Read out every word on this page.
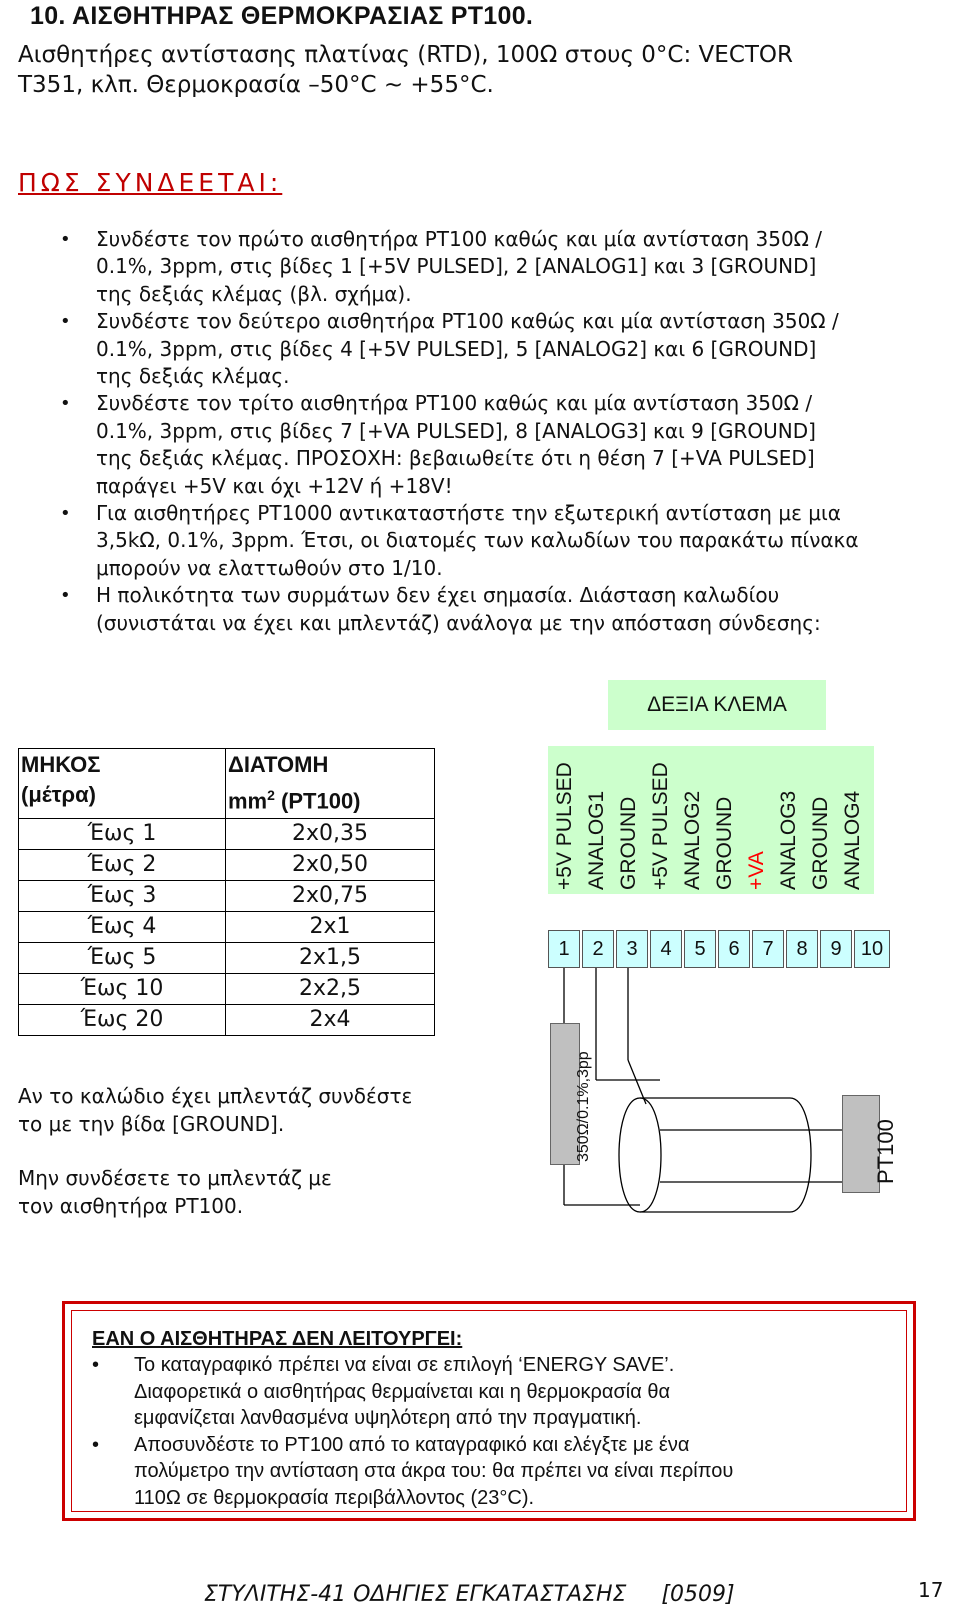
10. ΑΙΣΘΗΤΗΡΑΣ ΘΕΡΜΟΚΡΑΣΙΑΣ PT100.
Αισθητήρες αντίστασης πλατίνας (RTD), 100Ω στους 0°C: VECTOR
T351, κλπ. Θερμοκρασία –50°C ~ +55°C.
ΠΩΣ ΣΥΝΔΕΕΤΑΙ:
• Συνδέστε τον πρώτο αισθητήρα PT100 καθώς και μία αντίσταση 350Ω /
0.1%, 3ppm, στις βίδες 1 [+5V PULSED], 2 [ANALOG1] και 3 [GROUND]
της δεξιάς κλέμας (βλ. σχήμα).
• Συνδέστε τον δεύτερο αισθητήρα PT100 καθώς και μία αντίσταση 350Ω /
0.1%, 3ppm, στις βίδες 4 [+5V PULSED], 5 [ANALOG2] και 6 [GROUND]
της δεξιάς κλέμας.
• Συνδέστε τον τρίτο αισθητήρα PT100 καθώς και μία αντίσταση 350Ω /
0.1%, 3ppm, στις βίδες 7 [+VA PULSED], 8 [ANALOG3] και 9 [GROUND]
της δεξιάς κλέμας. ΠΡΟΣΟΧΗ: βεβαιωθείτε ότι η θέση 7 [+VA PULSED]
παράγει +5V και όχι +12V ή +18V!
• Για αισθητήρες PT1000 αντικαταστήστε την εξωτερική αντίσταση με μια
3,5kΩ, 0.1%, 3ppm. Έτσι, οι διατομές των καλωδίων του παρακάτω πίνακα
μπορούν να ελαττωθούν στο 1/10.
• Η πολικότητα των συρμάτων δεν έχει σημασία. Διάσταση καλωδίου
(συνιστάται να έχει και μπλεντάζ) ανάλογα με την απόσταση σύνδεσης:
ΔΕΞΙΑ ΚΛΕΜΑ
ΜΗΚΟΣ
(μέτρα)	ΔΙΑΤΟΜΗ
$mm^2$ (PT100)
Έως 1	2x0,35
Έως 2	2x0,50
Έως 3	2x0,75
Έως 4	2x1
Έως 5	2x1,5
Έως 10	2x2,5
Έως 20	2x4
+5V PULSED ANALOG1 GROUND +5V PULSED ANALOG2 GROUND +VA ANALOG3 GROUND ANALOG4
1	2	3	4	5	6	7	8	9 10
350Ω/0.1%,3pp	PT100
Αν το καλώδιο έχει μπλεντάζ συνδέστε
το με την βίδα [GROUND].
Μην συνδέσετε το μπλεντάζ με
τον αισθητήρα PT100.
ΕΑΝ Ο ΑΙΣΘΗΤΗΡΑΣ ΔΕΝ ΛΕΙΤΟΥΡΓΕΙ:
• Το καταγραφικό πρέπει να είναι σε επιλογή ‘ENERGY SAVE’.
Διαφορετικά ο αισθητήρας θερμαίνεται και η θερμοκρασία θα
εμφανίζεται λανθασμένα υψηλότερη από την πραγματική.
• Αποσυνδέστε το PT100 από το καταγραφικό και ελέγξτε με ένα
πολύμετρο την αντίσταση στα άκρα του: θα πρέπει να είναι περίπου
110Ω σε θερμοκρασία περιβάλλοντος (23°C).
ΣΤΥΛΙΤΗΣ-41 ΟΔΗΓΙΕΣ ΕΓΚΑΤΑΣΤΑΣΗΣ     [0509]	17
